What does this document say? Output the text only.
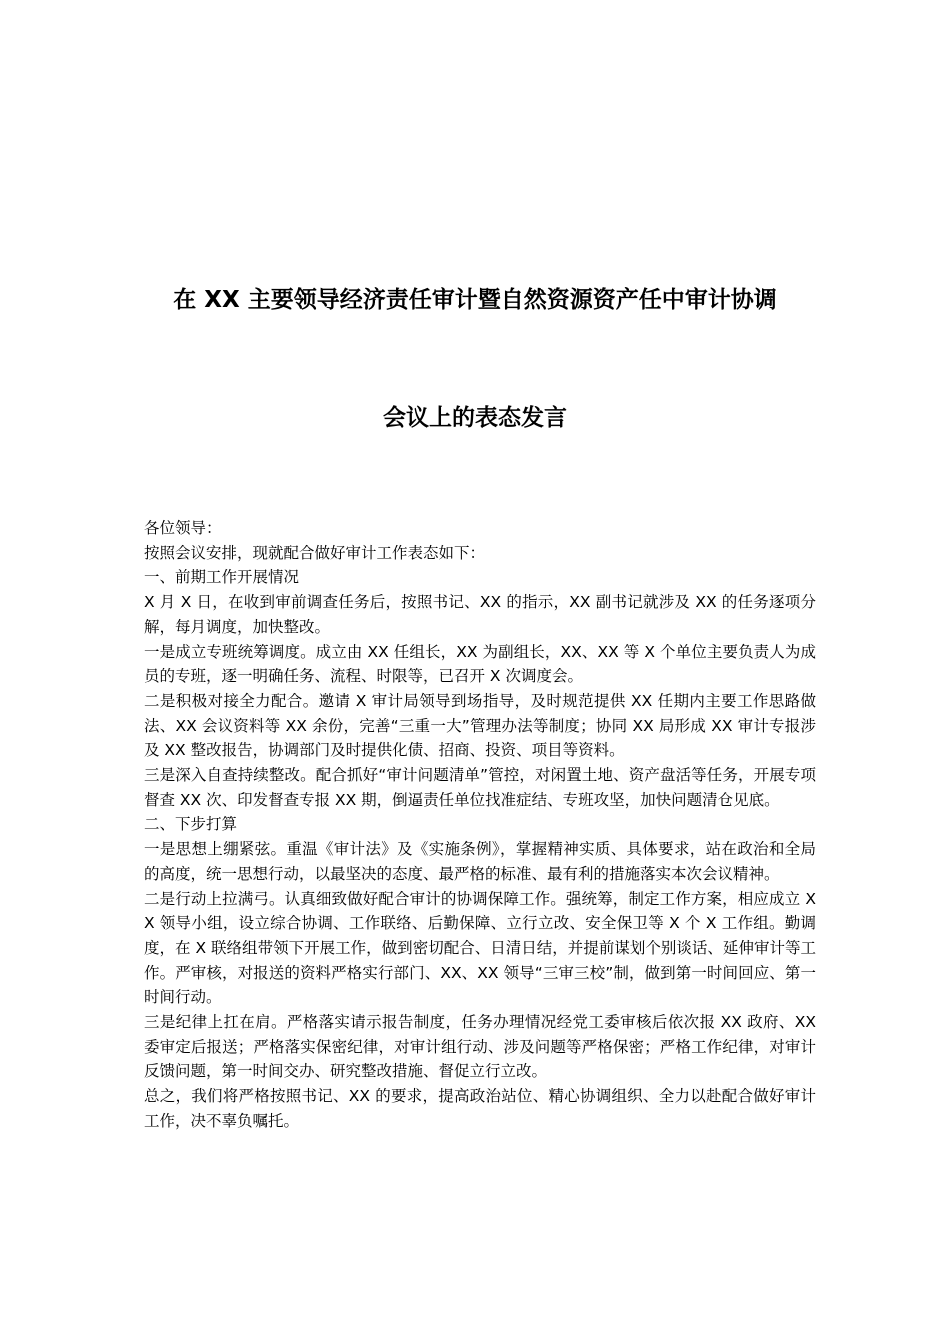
在 XX 主要领导经济责任审计暨自然资源资产任中审计协调
会议上的表态发言

各位领导：

按照会议安排，现就配合做好审计工作表态如下：

一、前期工作开展情况

X 月 X 日，在收到审前调查任务后，按照书记、XX 的指示，XX 副书记就涉及 XX 的任务逐项分解，每月调度，加快整改。

一是成立专班统筹调度。成立由 XX 任组长，XX 为副组长，XX、XX 等 X 个单位主要负责人为成员的专班，逐一明确任务、流程、时限等，已召开 X 次调度会。

二是积极对接全力配合。邀请 X 审计局领导到场指导，及时规范提供 XX 任期内主要工作思路做法、XX 会议资料等 XX 余份，完善“三重一大”管理办法等制度；协同 XX 局形成 XX 审计专报涉及 XX 整改报告，协调部门及时提供化债、招商、投资、项目等资料。

三是深入自查持续整改。配合抓好“审计问题清单”管控，对闲置土地、资产盘活等任务，开展专项督查 XX 次、印发督查专报 XX 期，倒逼责任单位找准症结、专班攻坚，加快问题清仓见底。

二、下步打算

一是思想上绷紧弦。重温《审计法》及《实施条例》，掌握精神实质、具体要求，站在政治和全局的高度，统一思想行动，以最坚决的态度、最严格的标准、最有利的措施落实本次会议精神。

二是行动上拉满弓。认真细致做好配合审计的协调保障工作。强统筹，制定工作方案，相应成立 XX 领导小组，设立综合协调、工作联络、后勤保障、立行立改、安全保卫等 X 个 X 工作组。勤调度，在 X 联络组带领下开展工作，做到密切配合、日清日结，并提前谋划个别谈话、延伸审计等工作。严审核，对报送的资料严格实行部门、XX、XX 领导“三审三校”制，做到第一时间回应、第一时间行动。

三是纪律上扛在肩。严格落实请示报告制度，任务办理情况经党工委审核后依次报 XX 政府、XX 委审定后报送；严格落实保密纪律，对审计组行动、涉及问题等严格保密；严格工作纪律，对审计反馈问题，第一时间交办、研究整改措施、督促立行立改。

总之，我们将严格按照书记、XX 的要求，提高政治站位、精心协调组织、全力以赴配合做好审计工作，决不辜负嘱托。
